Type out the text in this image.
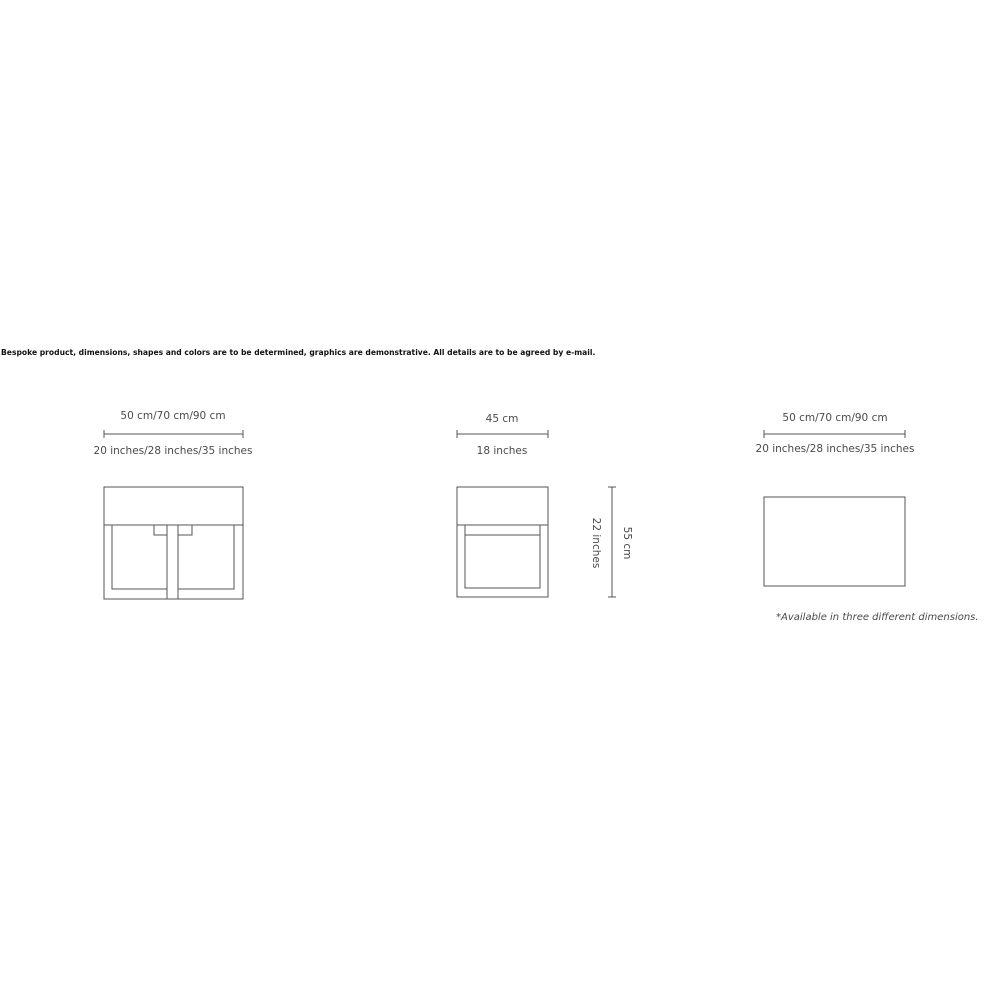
Bespoke product, dimensions, shapes and colors are to be determined, graphics are demonstrative. All details are to be agreed by e-mail.
50 cm/70 cm/90 cm
20 inches/28 inches/35 inches
45 cm
18 inches
55 cm
22 inches
50 cm/70 cm/90 cm
20 inches/28 inches/35 inches
*Available in three different dimensions.
